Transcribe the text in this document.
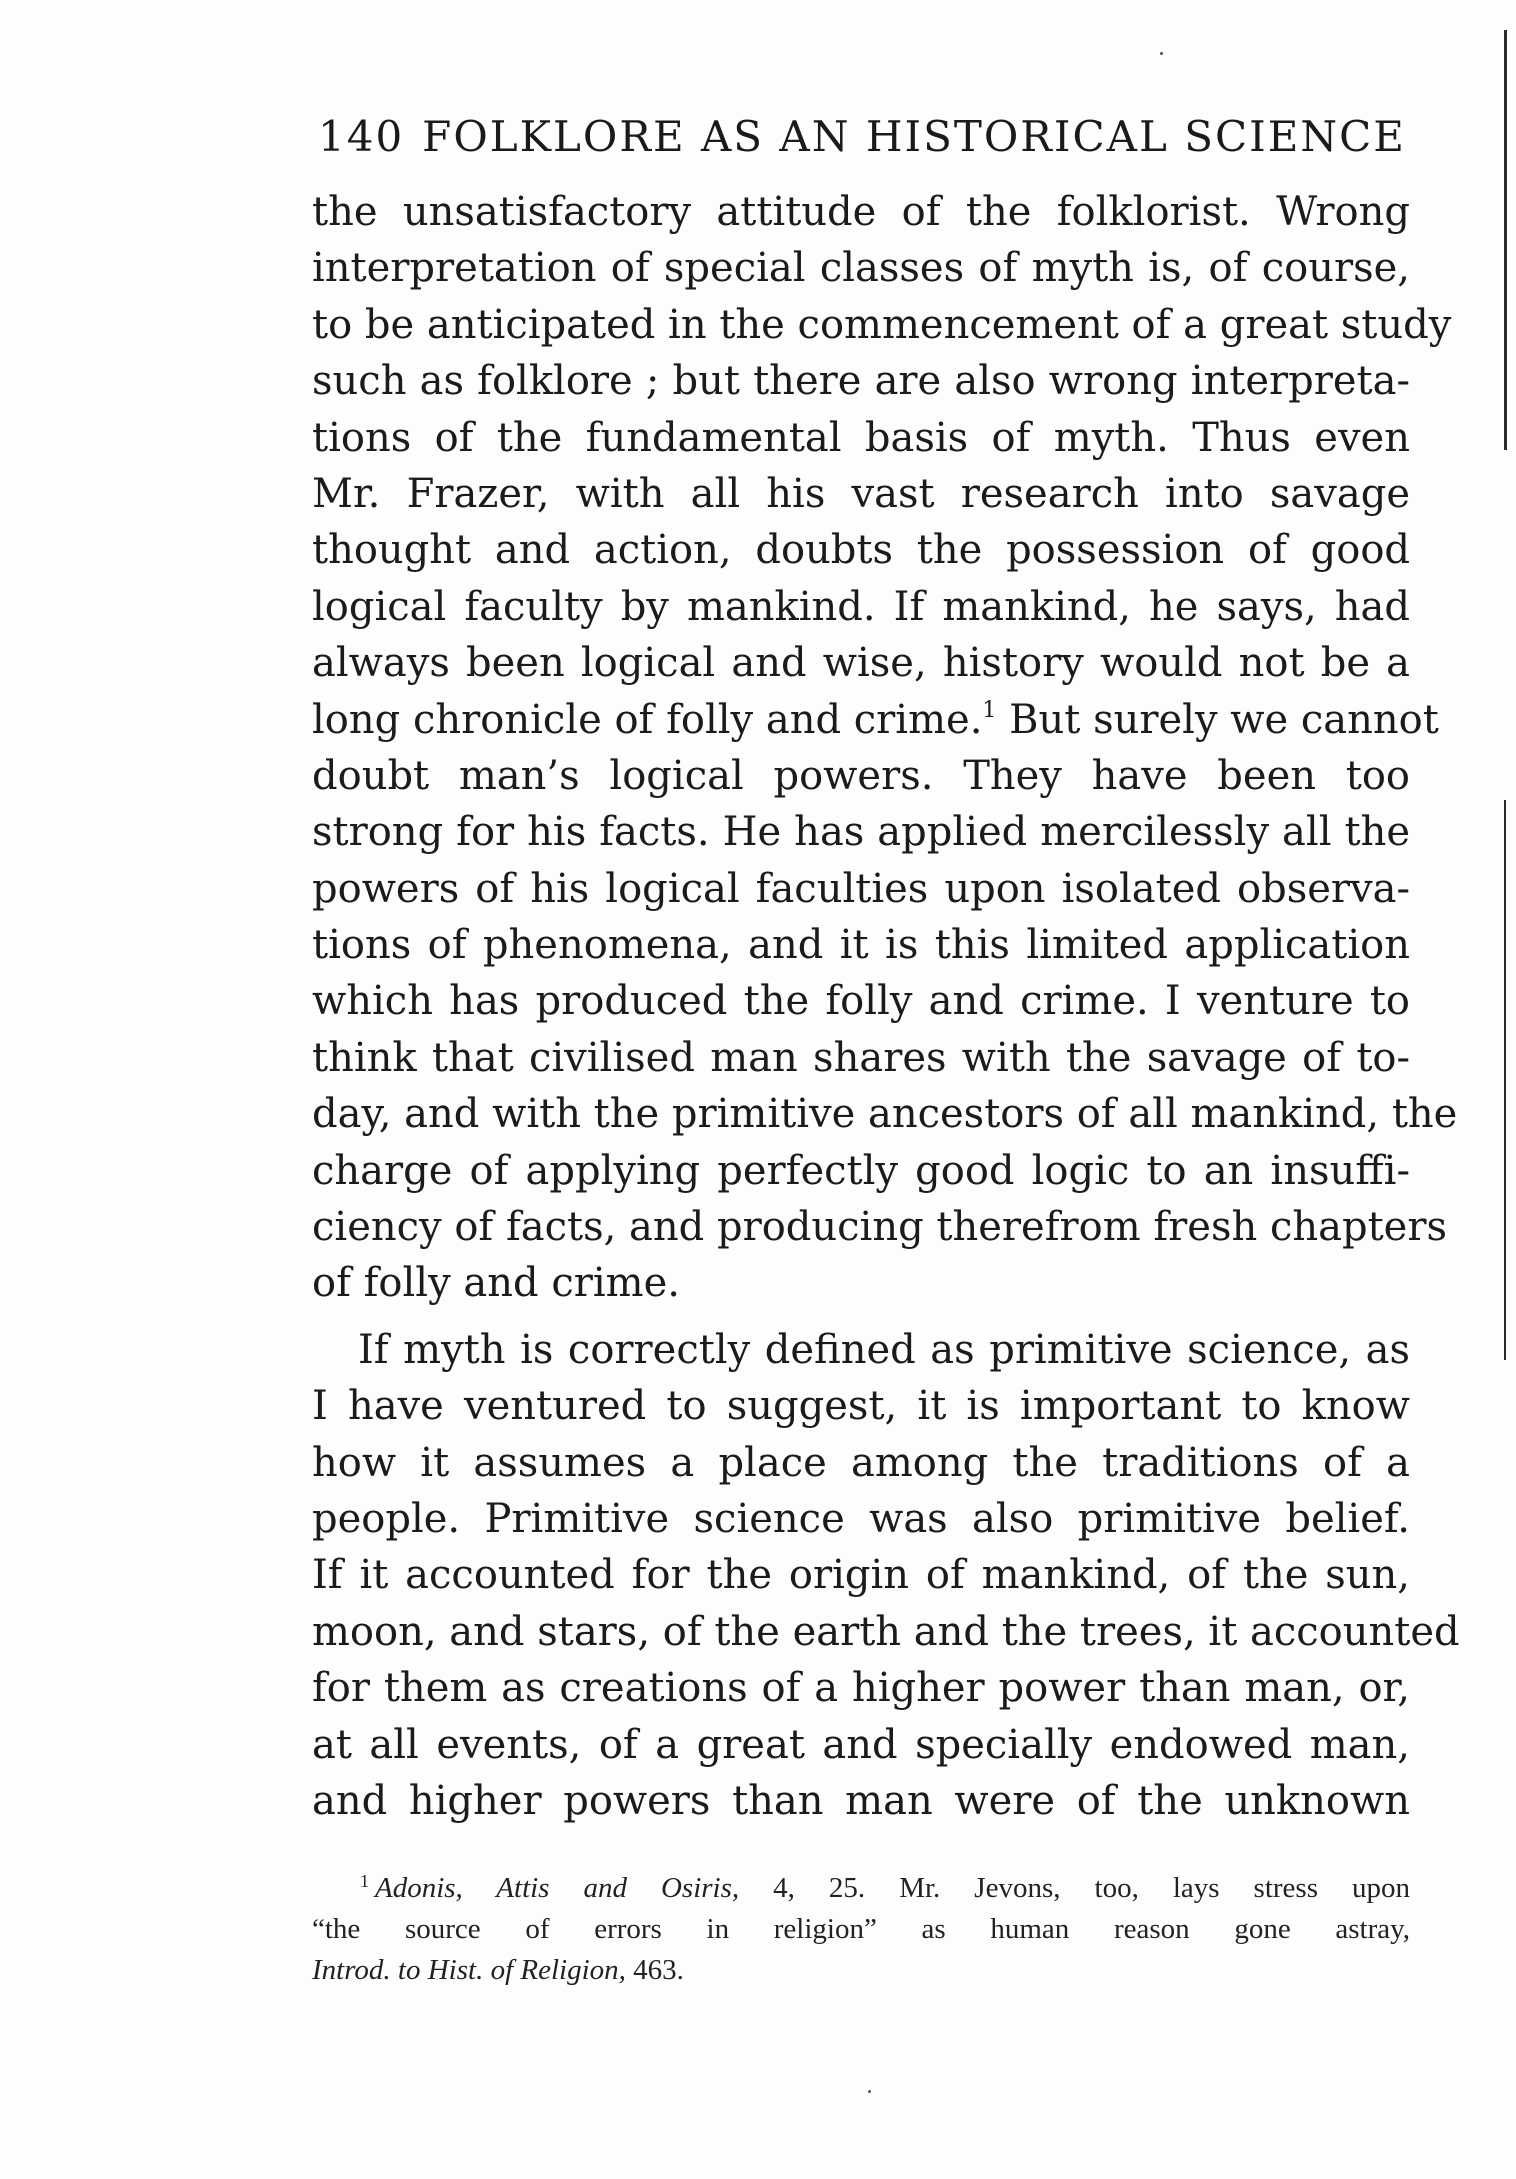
140 FOLKLORE AS AN HISTORICAL SCIENCE
the unsatisfactory attitude of the folklorist. Wrong
interpretation of special classes of myth is, of course,
to be anticipated in the commencement of a great study
such as folklore ; but there are also wrong interpreta-
tions of the fundamental basis of myth. Thus even
Mr. Frazer, with all his vast research into savage
thought and action, doubts the possession of good
logical faculty by mankind. If mankind, he says, had
always been logical and wise, history would not be a
long chronicle of folly and crime.$^1$ But surely we cannot
doubt man’s logical powers. They have been too
strong for his facts. He has applied mercilessly all the
powers of his logical faculties upon isolated observa-
tions of phenomena, and it is this limited application
which has produced the folly and crime. I venture to
think that civilised man shares with the savage of to-
day, and with the primitive ancestors of all mankind, the
charge of applying perfectly good logic to an insuffi-
ciency of facts, and producing therefrom fresh chapters
of folly and crime.
If myth is correctly defined as primitive science, as
I have ventured to suggest, it is important to know
how it assumes a place among the traditions of a
people. Primitive science was also primitive belief.
If it accounted for the origin of mankind, of the sun,
moon, and stars, of the earth and the trees, it accounted
for them as creations of a higher power than man, or,
at all events, of a great and specially endowed man,
and higher powers than man were of the unknown
$^1$ Adonis, Attis and Osiris, 4, 25. Mr. Jevons, too, lays stress upon
“the source of errors in religion” as human reason gone astray,
Introd. to Hist. of Religion, 463.
